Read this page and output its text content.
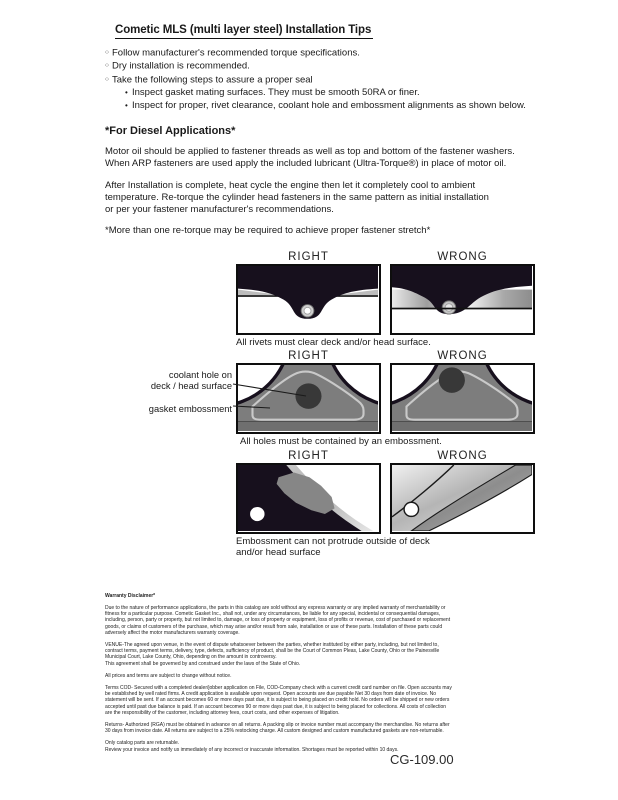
Cometic MLS (multi layer steel) Installation Tips
○ Follow manufacturer's recommended torque specifications.
○ Dry installation is recommended.
○ Take the following steps to assure a proper seal
• Inspect gasket mating surfaces. They must be smooth 50RA or finer.
• Inspect for proper, rivet clearance, coolant hole and embossment alignments as shown below.
*For Diesel Applications*
Motor oil should be applied to fastener threads as well as top and bottom of the fastener washers.
When ARP fasteners are used apply the included lubricant (Ultra-Torque®) in place of motor oil.
After Installation is complete, heat cycle the engine then let it completely cool to ambient
temperature. Re-torque the cylinder head fasteners in the same pattern as initial installation
or per your fastener manufacturer's recommendations.
*More than one re-torque may be required to achieve proper fastener stretch*
RIGHT	WRONG
All rivets must clear deck and/or head surface.
coolant hole on
deck / head surface
gasket embossment
RIGHT	WRONG
All holes must be contained by an embossment.
RIGHT	WRONG
Embossment can not protrude outside of deck
and/or head surface

Warranty Disclaimer*

Due to the nature of performance applications, the parts in this catalog are sold without any express warranty or any implied warranty of merchantability or
fitness for a particular purpose. Cometic Gasket Inc., shall not, under any circumstances, be liable for any special, incidental or consequential damages,
including, person, party or property, but not limited to, damage, or loss of property or equipment, loss of profits or revenue, cost of purchased or replacement
goods, or claims of customers of the purchase, which may arise and/or result from sale, installation or use of these parts. Installation of these parts could
adversely affect the motor manufacturers warranty coverage.

VENUE-The agreed upon venue, in the event of dispute whatsoever between the parties, whether instituted by either party, including, but not limited to,
contract terms, payment terms, delivery, type, defects, sufficiency of product, shall be the Court of Common Pleas, Lake County, Ohio or the Painesville
Municipal Court, Lake County, Ohio, depending on the amount in controversy.
This agreement shall be governed by and construed under the laws of the State of Ohio.

All prices and terms are subject to change without notice.

Terms COD- Secured with a completed dealer/jobber application on File, COD-Company check with a current credit card number on file. Open accounts may
be established by well rated firms. A credit application is available upon request. Open accounts are due payable Net 30 days from date of invoice. No
statement will be sent. If an account becomes 60 or more days past due, it is subject to being placed on credit hold. No orders will be shipped or new orders
accepted until past due balance is paid. If an account becomes 90 or more days past due, it is subject to being placed for collections. All costs of collection
are the responsibility of the customer, including attorney fees, court costs, and other expenses of litigation.

Returns- Authorized (RGA) must be obtained in advance on all returns. A packing slip or invoice number must accompany the merchandise. No returns after
30 days from invoice date. All returns are subject to a 25% restocking charge. All custom designed and custom manufactured gaskets are non-returnable.

Only catalog parts are returnable.
Review your invoice and notify us immediately of any incorrect or inaccurate information. Shortages must be reported within 10 days.

CG-109.00
